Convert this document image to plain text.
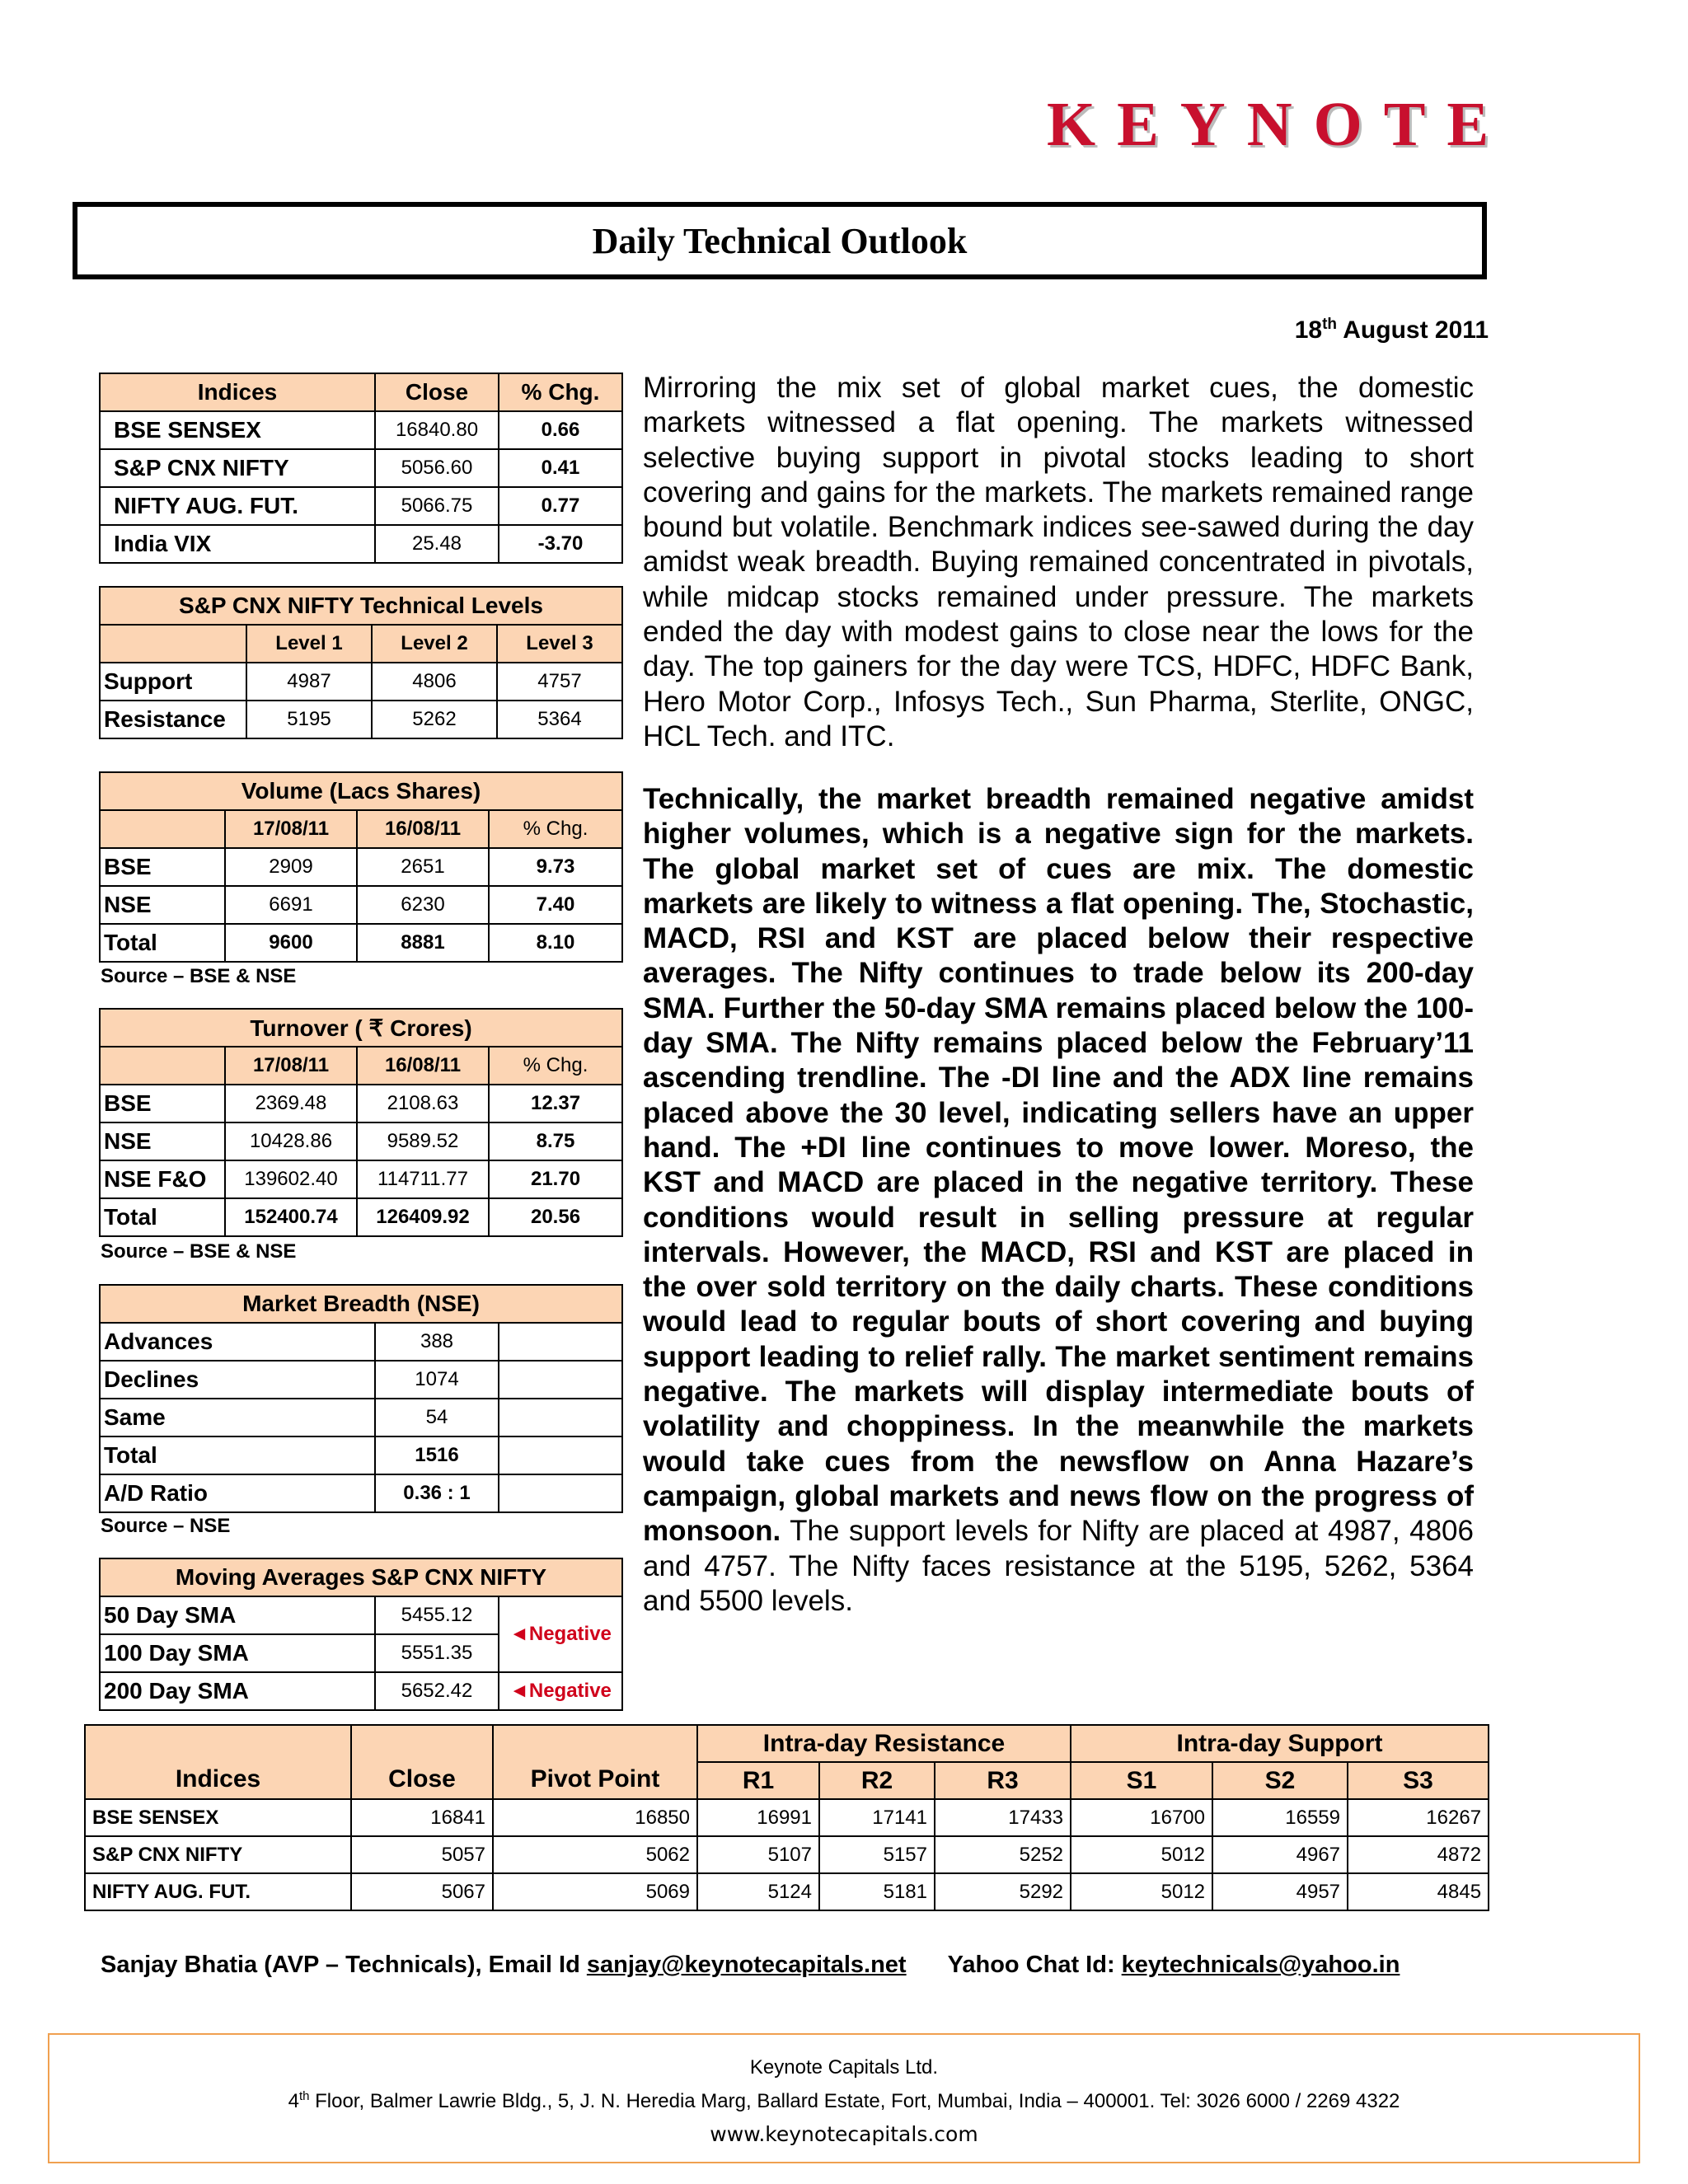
KEYNOTE
Daily Technical Outlook
18th August 2011
Indices	Close	% Chg.
BSE SENSEX	16840.80	0.66
S&P CNX NIFTY	5056.60	0.41
NIFTY AUG. FUT.	5066.75	0.77
India VIX	25.48	-3.70
S&P CNX NIFTY Technical Levels			
	Level 1	Level 2	Level 3
Support	4987	4806	4757
Resistance	5195	5262	5364
Volume (Lacs Shares)			
	17/08/11	16/08/11	% Chg.
BSE	2909	2651	9.73
NSE	6691	6230	7.40
Total	9600	8881	8.10
Source – BSE & NSE
Turnover ( ₹ Crores)			
	17/08/11	16/08/11	% Chg.
BSE	2369.48	2108.63	12.37
NSE	10428.86	9589.52	8.75
NSE F&O	139602.40	114711.77	21.70
Total	152400.74	126409.92	20.56
Source – BSE & NSE
Market Breadth (NSE)		
Advances	388	
Declines	1074	
Same	54	
Total	1516	
A/D Ratio	0.36 : 1	
Source – NSE
Moving Averages S&P CNX NIFTY		
50 Day SMA	5455.12	◄Negative
100 Day SMA	5551.35	
200 Day SMA	5652.42	◄Negative
Mirroring the mix set of global market cues, the domestic markets witnessed a flat opening. The markets witnessed selective buying support in pivotal stocks leading to short covering and gains for the markets. The markets remained range bound but volatile. Benchmark indices see-sawed during the day amidst weak breadth. Buying remained concentrated in pivotals, while midcap stocks remained under pressure. The markets ended the day with modest gains to close near the lows for the day. The top gainers for the day were TCS, HDFC, HDFC Bank, Hero Motor Corp., Infosys Tech., Sun Pharma, Sterlite, ONGC, HCL Tech. and ITC.
Technically, the market breadth remained negative amidst higher volumes, which is a negative sign for the markets. The global market set of cues are mix. The domestic markets are likely to witness a flat opening. The, Stochastic, MACD, RSI and KST are placed below their respective averages. The Nifty continues to trade below its 200-day SMA. Further the 50-day SMA remains placed below the 100-day SMA. The Nifty remains placed below the February’11 ascending trendline. The -DI line and the ADX line remains placed above the 30 level, indicating sellers have an upper hand. The +DI line continues to move lower. Moreso, the KST and MACD are placed in the negative territory. These conditions would result in selling pressure at regular intervals. However, the MACD, RSI and KST are placed in the over sold territory on the daily charts. These conditions would lead to regular bouts of short covering and buying support leading to relief rally. The market sentiment remains negative. The markets will display intermediate bouts of volatility and choppiness. In the meanwhile the markets would take cues from the newsflow on Anna Hazare’s campaign, global markets and news flow on the progress of monsoon. The support levels for Nifty are placed at 4987, 4806 and 4757. The Nifty faces resistance at the 5195, 5262, 5364 and 5500 levels.
Indices	Close	Pivot Point	Intra-day Resistance			Intra-day Support		
			R1	R2	R3	S1	S2	S3
BSE SENSEX	16841	16850	16991	17141	17433	16700	16559	16267
S&P CNX NIFTY	5057	5062	5107	5157	5252	5012	4967	4872
NIFTY AUG. FUT.	5067	5069	5124	5181	5292	5012	4957	4845
Sanjay Bhatia (AVP – Technicals), Email Id sanjay@keynotecapitals.net Yahoo Chat Id: keytechnicals@yahoo.in
Keynote Capitals Ltd.
4th Floor, Balmer Lawrie Bldg., 5, J. N. Heredia Marg, Ballard Estate, Fort, Mumbai, India – 400001. Tel: 3026 6000 / 2269 4322
www.keynotecapitals.com
